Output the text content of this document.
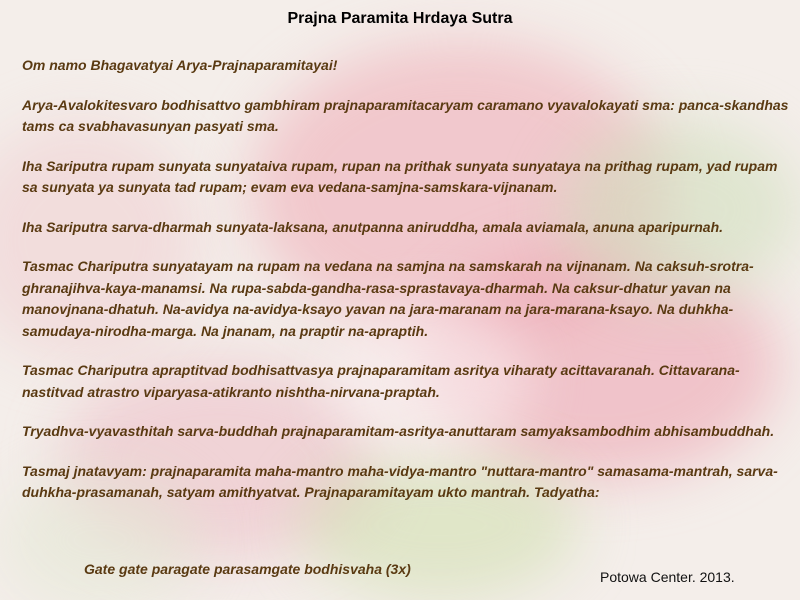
Prajna Paramita Hrdaya Sutra

Om namo Bhagavatyai Arya-Prajnaparamitayai!

Arya-Avalokitesvaro bodhisattvo gambhiram prajnaparamitacaryam caramano vyavalokayati sma: panca-skandhas tams ca svabhavasunyan pasyati sma.

Iha Sariputra rupam sunyata sunyataiva rupam, rupan na prithak sunyata sunyataya na prithag rupam, yad rupam sa sunyata ya sunyata tad rupam; evam eva vedana-samjna-samskara-vijnanam.

Iha Sariputra sarva-dharmah sunyata-laksana, anutpanna aniruddha, amala aviamala, anuna aparipurnah.

Tasmac Chariputra sunyatayam na rupam na vedana na samjna na samskarah na vijnanam. Na caksuh-srotra-ghranajihva-kaya-manamsi. Na rupa-sabda-gandha-rasa-sprastavaya-dharmah. Na caksur-dhatur yavan na manovjnana-dhatuh. Na-avidya na-avidya-ksayo yavan na jara-maranam na jara-marana-ksayo. Na duhkha-samudaya-nirodha-marga. Na jnanam, na praptir na-apraptih.

Tasmac Chariputra apraptitvad bodhisattvasya prajnaparamitam asritya viharaty acittavaranah. Cittavarana-nastitvad atrastro viparyasa-atikranto nishtha-nirvana-praptah.

Tryadhva-vyavasthitah sarva-buddhah prajnaparamitam-asritya-anuttaram samyaksambodhim abhisambuddhah.

Tasmaj jnatavyam: prajnaparamita maha-mantro maha-vidya-mantro "nuttara-mantro" samasama-mantrah, sarva-duhkha-prasamanah, satyam amithyatvat. Prajnaparamitayam ukto mantrah. Tadyatha:

Gate gate paragate parasamgate bodhisvaha (3x)	Potowa Center. 2013.
